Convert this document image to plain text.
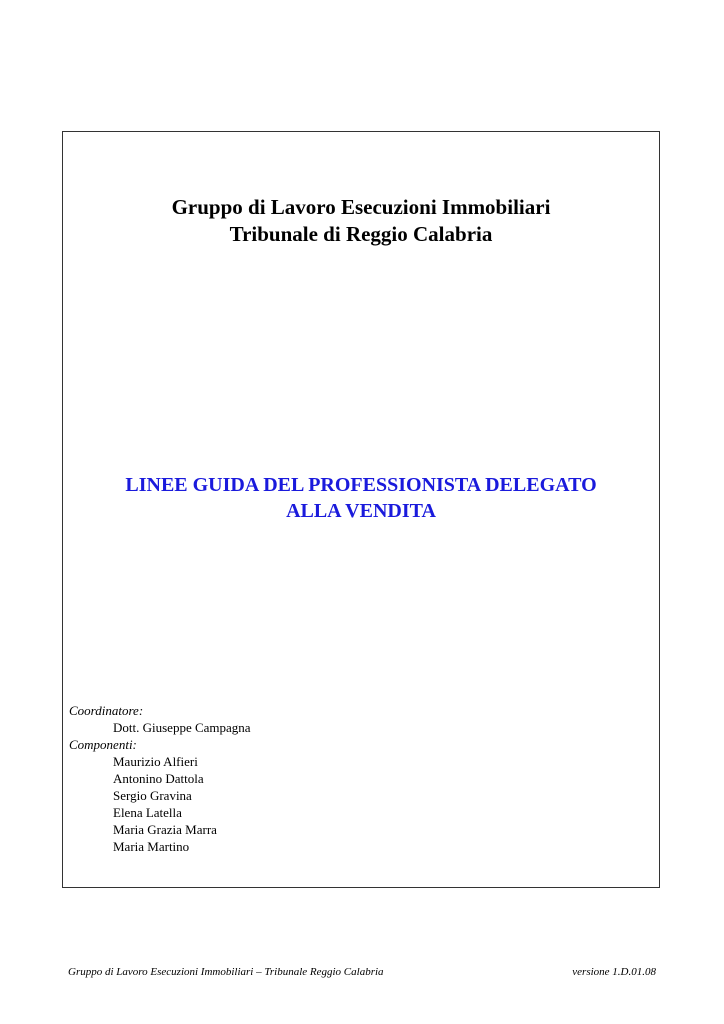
Gruppo di Lavoro Esecuzioni Immobiliari
Tribunale di Reggio Calabria
LINEE GUIDA DEL PROFESSIONISTA DELEGATO
ALLA VENDITA
Coordinatore:
Dott. Giuseppe Campagna
Componenti:
Maurizio Alfieri
Antonino Dattola
Sergio Gravina
Elena Latella
Maria Grazia Marra
Maria Martino
Gruppo di Lavoro Esecuzioni Immobiliari – Tribunale Reggio Calabria	versione 1.D.01.08
